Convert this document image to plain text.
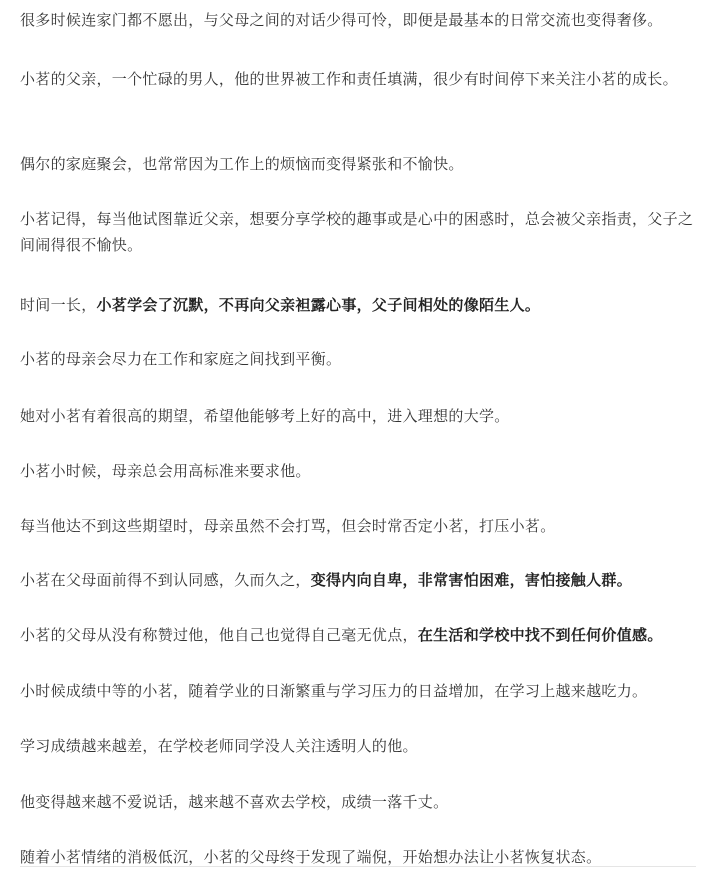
很多时候连家门都不愿出，与父母之间的对话少得可怜，即便是最基本的日常交流也变得奢侈。

小茗的父亲，一个忙碌的男人，他的世界被工作和责任填满，很少有时间停下来关注小茗的成长。

偶尔的家庭聚会，也常常因为工作上的烦恼而变得紧张和不愉快。

小茗记得，每当他试图靠近父亲，想要分享学校的趣事或是心中的困惑时，总会被父亲指责，父子之间闹得很不愉快。

时间一长，小茗学会了沉默，不再向父亲袒露心事，父子间相处的像陌生人。

小茗的母亲会尽力在工作和家庭之间找到平衡。

她对小茗有着很高的期望，希望他能够考上好的高中，进入理想的大学。

小茗小时候，母亲总会用高标准来要求他。

每当他达不到这些期望时，母亲虽然不会打骂，但会时常否定小茗，打压小茗。

小茗在父母面前得不到认同感，久而久之，变得内向自卑，非常害怕困难，害怕接触人群。

小茗的父母从没有称赞过他，他自己也觉得自己毫无优点，在生活和学校中找不到任何价值感。

小时候成绩中等的小茗，随着学业的日渐繁重与学习压力的日益增加，在学习上越来越吃力。

学习成绩越来越差，在学校老师同学没人关注透明人的他。

他变得越来越不爱说话，越来越不喜欢去学校，成绩一落千丈。

随着小茗情绪的消极低沉，小茗的父母终于发现了端倪，开始想办法让小茗恢复状态。
